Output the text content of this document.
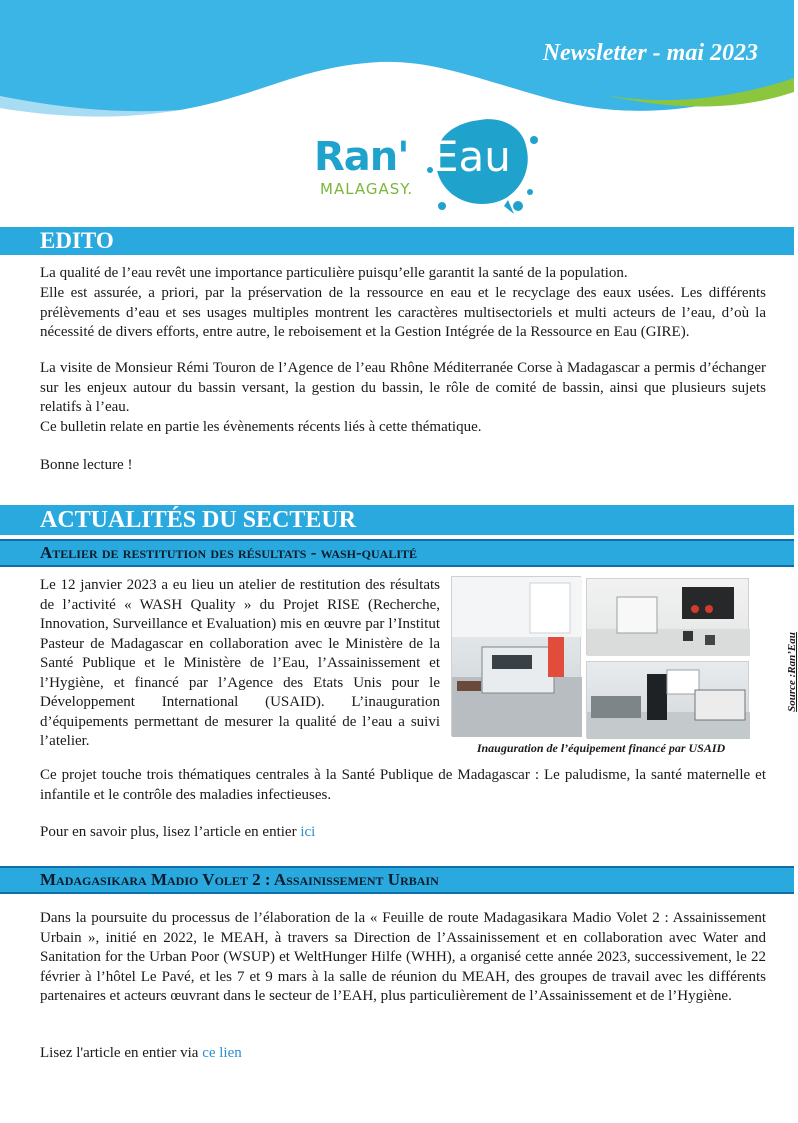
Newsletter - mai 2023
Ran' Eau
MALAGASY.
EDITO

La qualité de l’eau revêt une importance particulière puisqu’elle garantit la santé de la population.

Elle est assurée, a priori, par la préservation de la ressource en eau et le recyclage des eaux usées. Les différents prélèvements d’eau et ses usages multiples montrent les caractères multisectoriels et multi acteurs de l’eau, d’où la nécessité de divers efforts, entre autre, le reboisement et la Gestion Intégrée de la Ressource en Eau (GIRE).

La visite de Monsieur Rémi Touron de l’Agence de l’eau Rhône Méditerranée Corse à Madagascar a permis d’échanger sur les enjeux autour du bassin versant, la gestion du bassin, le rôle de comité de bassin, ainsi que plusieurs sujets relatifs à l’eau.

Ce bulletin relate en partie les évènements récents liés à cette thématique.

Bonne lecture !

ACTUALITÉS DU SECTEUR
Atelier de restitution des résultats - wash-qualité

Le 12 janvier 2023 a eu lieu un atelier de restitution des résultats de l’activité « WASH Quality » du Projet RISE (Recherche, Innovation, Surveillance et Evaluation) mis en œuvre par l’Institut Pasteur de Madagascar en collaboration avec le Ministère de la Santé Publique et le Ministère de l’Eau, l’Assainissement et l’Hygiène, et financé par l’Agence des Etats Unis pour le Développement International (USAID). L’inauguration d’équipements permettant de mesurer la qualité de l’eau a suivi l’atelier.	Inauguration de l’équipement financé par USAID
Source :Ran’Eau

Ce projet touche trois thématiques centrales à la Santé Publique de Madagascar : Le paludisme, la santé maternelle et infantile et le contrôle des maladies infectieuses.

Pour en savoir plus, lisez l’article en entier ici

Madagasikara Madio Volet 2 : Assainissement Urbain

Dans la poursuite du processus de l’élaboration de la « Feuille de route Madagasikara Madio Volet 2 : Assainissement Urbain », initié en 2022, le MEAH, à travers sa Direction de l’Assainissement et en collaboration avec Water and Sanitation for the Urban Poor (WSUP) et WeltHunger Hilfe (WHH), a organisé cette année 2023, successivement, le 22 février à l’hôtel Le Pavé, et les 7 et 9 mars à la salle de réunion du MEAH, des groupes de travail avec les différents partenaires et acteurs œuvrant dans le secteur de l’EAH, plus particulièrement de l’Assainissement et de l’Hygiène.

Lisez l'article en entier via ce lien
